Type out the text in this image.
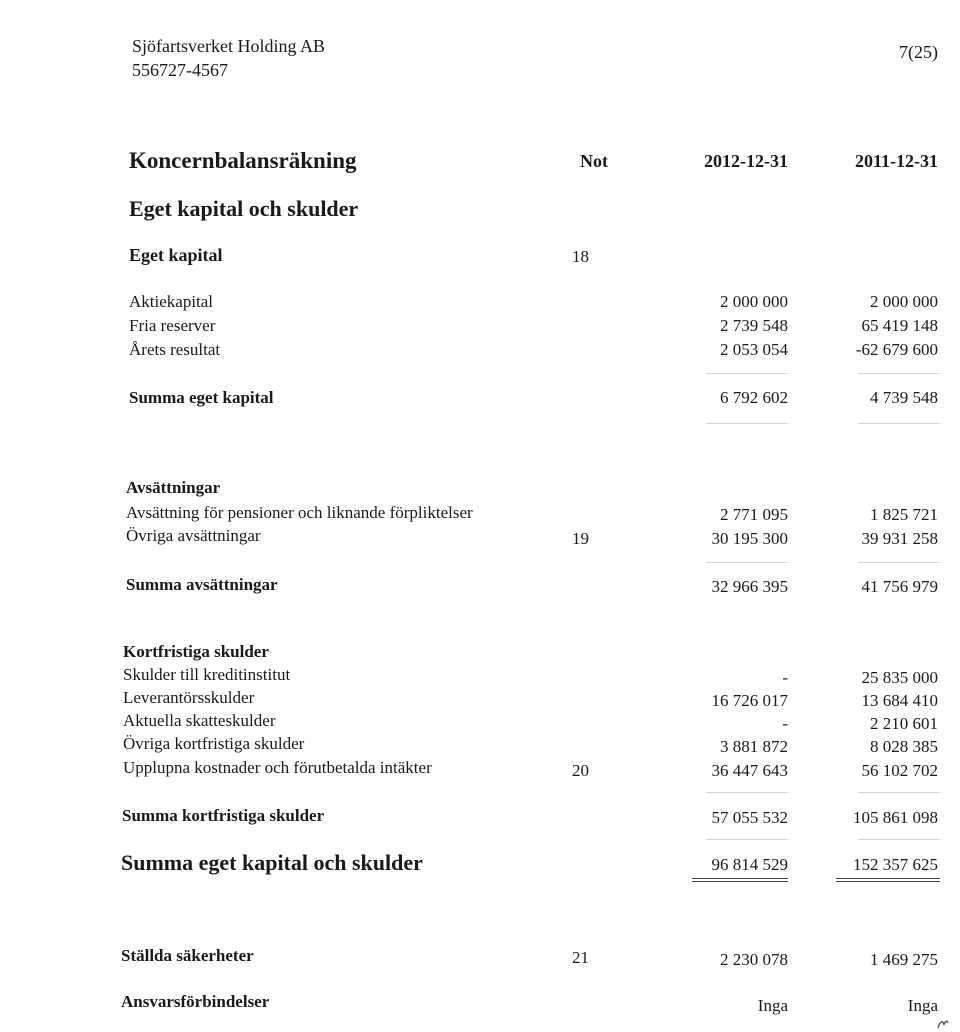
Sjöfartsverket Holding AB
556727-4567
7(25)
Koncernbalansräkning	Not	2012-12-31	2011-12-31
Eget kapital och skulder
Eget kapital	18
Aktiekapital	2 000 000	2 000 000
Fria reserver	2 739 548	65 419 148
Årets resultat	2 053 054	-62 679 600
Summa eget kapital	6 792 602	4 739 548
Avsättningar
Avsättning för pensioner och liknande förpliktelser	2 771 095	1 825 721
Övriga avsättningar	19	30 195 300	39 931 258
Summa avsättningar	32 966 395	41 756 979
Kortfristiga skulder
Skulder till kreditinstitut	-	25 835 000
Leverantörsskulder	16 726 017	13 684 410
Aktuella skatteskulder	-	2 210 601
Övriga kortfristiga skulder	3 881 872	8 028 385
Upplupna kostnader och förutbetalda intäkter	20	36 447 643	56 102 702
Summa kortfristiga skulder	57 055 532	105 861 098
Summa eget kapital och skulder	96 814 529	152 357 625
Ställda säkerheter	21	2 230 078	1 469 275
Ansvarsförbindelser	Inga	Inga
